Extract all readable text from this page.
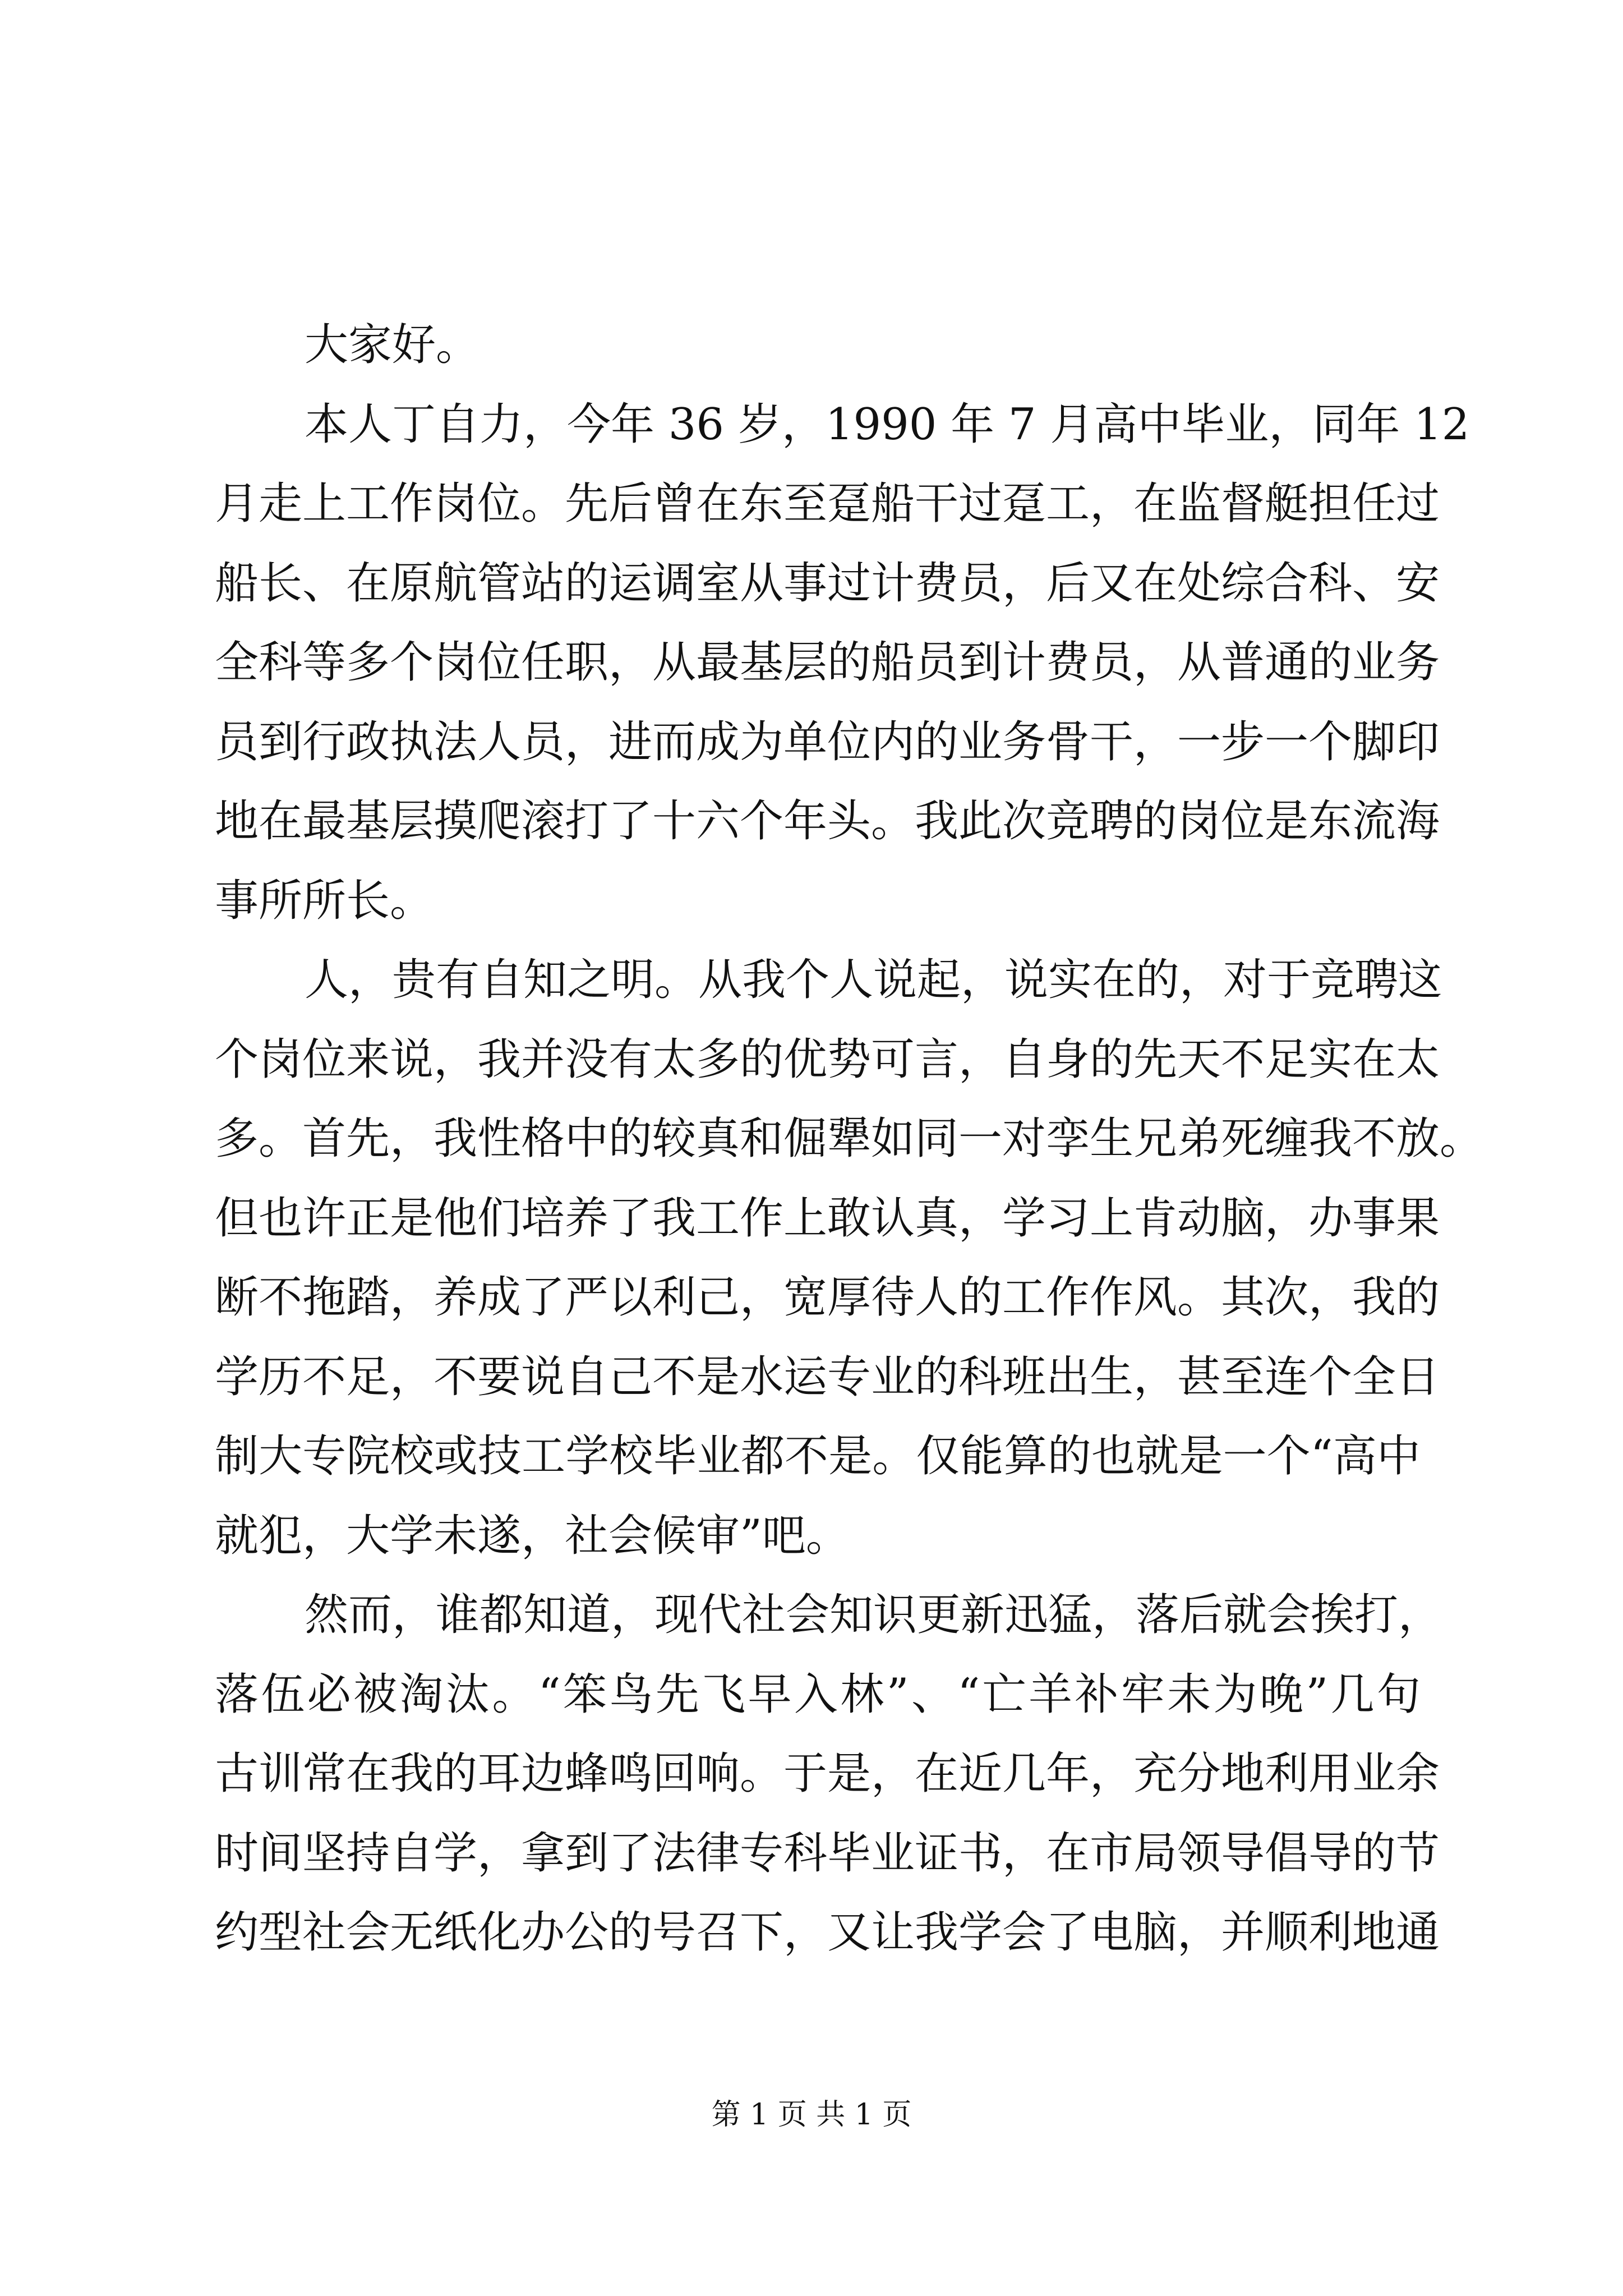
大家好。
本人丁自力，今年 36 岁，1990 年 7 月高中毕业，同年 12
月走上工作岗位。先后曾在东至趸船干过趸工，在监督艇担任过
船长、在原航管站的运调室从事过计费员，后又在处综合科、安
全科等多个岗位任职，从最基层的船员到计费员，从普通的业务
员到行政执法人员，进而成为单位内的业务骨干，一步一个脚印
地在最基层摸爬滚打了十六个年头。我此次竞聘的岗位是东流海
事所所长。
人，贵有自知之明。从我个人说起，说实在的，对于竞聘这
个岗位来说，我并没有太多的优势可言，自身的先天不足实在太
多。首先，我性格中的较真和倔犟如同一对孪生兄弟死缠我不放。
但也许正是他们培养了我工作上敢认真，学习上肯动脑，办事果
断不拖踏，养成了严以利己，宽厚待人的工作作风。其次，我的
学历不足，不要说自己不是水运专业的科班出生，甚至连个全日
制大专院校或技工学校毕业都不是。仅能算的也就是一个“高中
就犯，大学未遂，社会候审”吧。
然而，谁都知道，现代社会知识更新迅猛，落后就会挨打，
落伍必被淘汰。“笨鸟先飞早入林”、“亡羊补牢未为晚”几句
古训常在我的耳边蜂鸣回响。于是，在近几年，充分地利用业余
时间坚持自学，拿到了法律专科毕业证书，在市局领导倡导的节
约型社会无纸化办公的号召下，又让我学会了电脑，并顺利地通
第 1 页 共 1 页
